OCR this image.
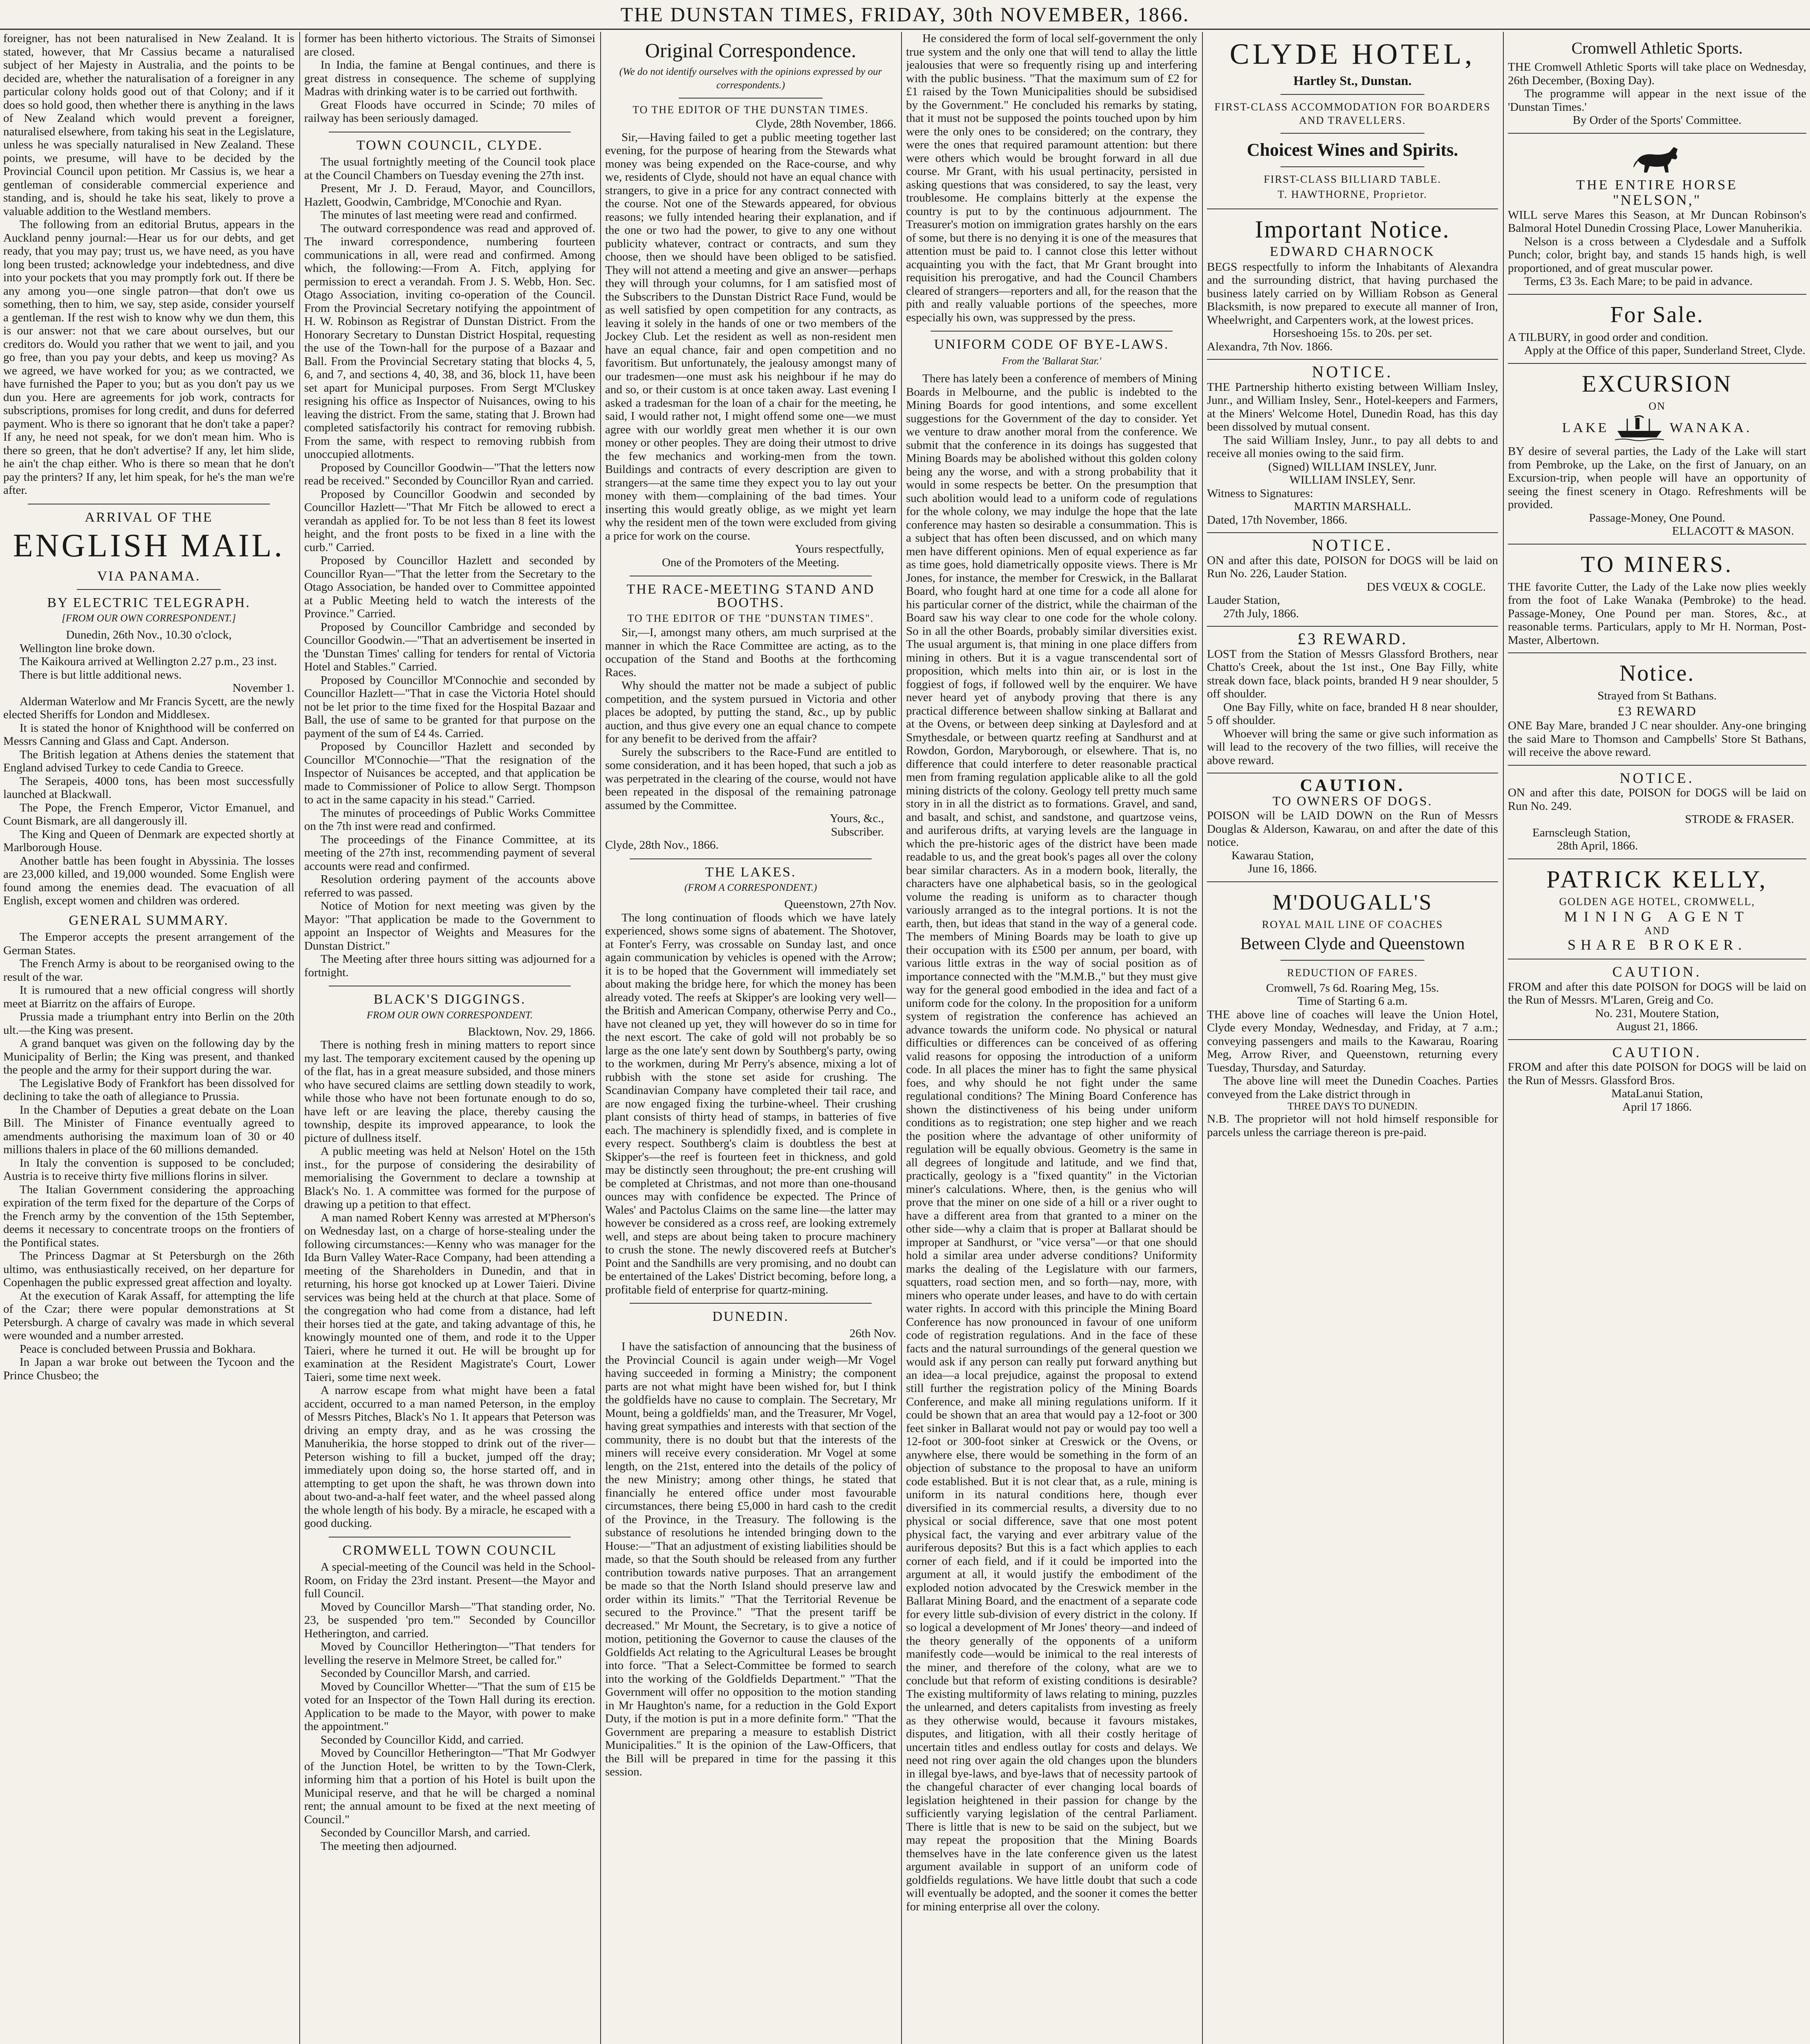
THE DUNSTAN TIMES, FRIDAY, 30th NOVEMBER, 1866.

foreigner, has not been naturalised in New Zealand. It is stated, however, that Mr Cassius became a naturalised subject of her Majesty in Australia, and the points to be decided are, whether the naturalisation of a foreigner in any particular colony holds good out of that Colony; and if it does so hold good, then whether there is anything in the laws of New Zealand which would prevent a foreigner, naturalised elsewhere, from taking his seat in the Legislature, unless he was specially naturalised in New Zealand. These points, we presume, will have to be decided by the Provincial Council upon petition. Mr Cassius is, we hear a gentleman of considerable commercial experience and standing, and is, should he take his seat, likely to prove a valuable addition to the Westland members.

The following from an editorial Brutus, appears in the Auckland penny journal:—Hear us for our debts, and get ready, that you may pay; trust us, we have need, as you have long been trusted; acknowledge your indebtedness, and dive into your pockets that you may promptly fork out. If there be any among you—one single patron—that don't owe us something, then to him, we say, step aside, consider yourself a gentleman. If the rest wish to know why we dun them, this is our answer: not that we care about ourselves, but our creditors do. Would you rather that we went to jail, and you go free, than you pay your debts, and keep us moving? As we agreed, we have worked for you; as we contracted, we have furnished the Paper to you; but as you don't pay us we dun you. Here are agreements for job work, contracts for subscriptions, promises for long credit, and duns for deferred payment. Who is there so ignorant that he don't take a paper? If any, he need not speak, for we don't mean him. Who is there so green, that he don't advertise? If any, let him slide, he ain't the chap either. Who is there so mean that he don't pay the printers? If any, let him speak, for he's the man we're after.

ARRIVAL OF THE
ENGLISH MAIL.
VIA PANAMA.
BY ELECTRIC TELEGRAPH.
[FROM OUR OWN CORRESPONDENT.]

Dunedin, 26th Nov., 10.30 o'clock,

Wellington line broke down.

The Kaikoura arrived at Wellington 2.27 p.m., 23 inst.

There is but little additional news.

November 1.

Alderman Waterlow and Mr Francis Sycett, are the newly elected Sheriffs for London and Middlesex.

It is stated the honor of Knighthood will be conferred on Messrs Canning and Glass and Capt. Anderson.

The British legation at Athens denies the statement that England advised Turkey to cede Candia to Greece.

The Serapeis, 4000 tons, has been most successfully launched at Blackwall.

The Pope, the French Emperor, Victor Emanuel, and Count Bismark, are all dangerously ill.

The King and Queen of Denmark are expected shortly at Marlborough House.

Another battle has been fought in Abyssinia. The losses are 23,000 killed, and 19,000 wounded. Some English were found among the enemies dead. The evacuation of all English, except women and children was ordered.

GENERAL SUMMARY.

The Emperor accepts the present arrangement of the German States.

The French Army is about to be reorganised owing to the result of the war.

It is rumoured that a new official congress will shortly meet at Biarritz on the affairs of Europe.

Prussia made a triumphant entry into Berlin on the 20th ult.—the King was present.

A grand banquet was given on the following day by the Municipality of Berlin; the King was present, and thanked the people and the army for their support during the war.

The Legislative Body of Frankfort has been dissolved for declining to take the oath of allegiance to Prussia.

In the Chamber of Deputies a great debate on the Loan Bill. The Minister of Finance eventually agreed to amendments authorising the maximum loan of 30 or 40 millions thalers in place of the 60 millions demanded.

In Italy the convention is supposed to be concluded; Austria is to receive thirty five millions florins in silver.

The Italian Government considering the approaching expiration of the term fixed for the departure of the Corps of the French army by the convention of the 15th September, deems it necessary to concentrate troops on the frontiers of the Pontifical states.

The Princess Dagmar at St Petersburgh on the 26th ultimo, was enthusiastically received, on her departure for Copenhagen the public expressed great affection and loyalty.

At the execution of Karak Assaff, for attempting the life of the Czar; there were popular demonstrations at St Petersburgh. A charge of cavalry was made in which several were wounded and a number arrested.

Peace is concluded between Prussia and Bokhara.

In Japan a war broke out between the Tycoon and the Prince Chusbeo; the

former has been hitherto victorious. The Straits of Simonsei are closed.

In India, the famine at Bengal continues, and there is great distress in consequence. The scheme of supplying Madras with drinking water is to be carried out forthwith.

Great Floods have occurred in Scinde; 70 miles of railway has been seriously damaged.

TOWN COUNCIL, CLYDE.

The usual fortnightly meeting of the Council took place at the Council Chambers on Tuesday evening the 27th inst.

Present, Mr J. D. Feraud, Mayor, and Councillors, Hazlett, Goodwin, Cambridge, M'Conochie and Ryan.

The minutes of last meeting were read and confirmed.

The outward correspondence was read and approved of. The inward correspondence, numbering fourteen communications in all, were read and confirmed. Among which, the following:—From A. Fitch, applying for permission to erect a verandah. From J. S. Webb, Hon. Sec. Otago Association, inviting co-operation of the Council. From the Provincial Secretary notifying the appointment of H. W. Robinson as Registrar of Dunstan District. From the Honorary Secretary to Dunstan District Hospital, requesting the use of the Town-hall for the purpose of a Bazaar and Ball. From the Provincial Secretary stating that blocks 4, 5, 6, and 7, and sections 4, 40, 38, and 36, block 11, have been set apart for Municipal purposes. From Sergt M'Cluskey resigning his office as Inspector of Nuisances, owing to his leaving the district. From the same, stating that J. Brown had completed satisfactorily his contract for removing rubbish. From the same, with respect to removing rubbish from unoccupied allotments.

Proposed by Councillor Goodwin—"That the letters now read be received." Seconded by Councillor Ryan and carried.

Proposed by Councillor Goodwin and seconded by Councillor Hazlett—"That Mr Fitch be allowed to erect a verandah as applied for. To be not less than 8 feet its lowest height, and the front posts to be fixed in a line with the curb." Carried.

Proposed by Councillor Hazlett and seconded by Councillor Ryan—"That the letter from the Secretary to the Otago Association, be handed over to Committee appointed at a Public Meeting held to watch the interests of the Province." Carried.

Proposed by Councillor Cambridge and seconded by Councillor Goodwin.—"That an advertisement be inserted in the 'Dunstan Times' calling for tenders for rental of Victoria Hotel and Stables." Carried.

Proposed by Councillor M'Connochie and seconded by Councillor Hazlett—"That in case the Victoria Hotel should not be let prior to the time fixed for the Hospital Bazaar and Ball, the use of same to be granted for that purpose on the payment of the sum of £4 4s. Carried.

Proposed by Councillor Hazlett and seconded by Councillor M'Connochie—"That the resignation of the Inspector of Nuisances be accepted, and that application be made to Commissioner of Police to allow Sergt. Thompson to act in the same capacity in his stead." Carried.

The minutes of proceedings of Public Works Committee on the 7th inst were read and confirmed.

The proceedings of the Finance Committee, at its meeting of the 27th inst, recommending payment of several accounts were read and confirmed.

Resolution ordering payment of the accounts above referred to was passed.

Notice of Motion for next meeting was given by the Mayor: "That application be made to the Government to appoint an Inspector of Weights and Measures for the Dunstan District."

The Meeting after three hours sitting was adjourned for a fortnight.

BLACK'S DIGGINGS.
FROM OUR OWN CORRESPONDENT.

Blacktown, Nov. 29, 1866.

There is nothing fresh in mining matters to report since my last. The temporary excitement caused by the opening up of the flat, has in a great measure subsided, and those miners who have secured claims are settling down steadily to work, while those who have not been fortunate enough to do so, have left or are leaving the place, thereby causing the township, despite its improved appearance, to look the picture of dullness itself.

A public meeting was held at Nelson' Hotel on the 15th inst., for the purpose of considering the desirability of memorialising the Government to declare a township at Black's No. 1. A committee was formed for the purpose of drawing up a petition to that effect.

A man named Robert Kenny was arrested at M'Pherson's on Wednesday last, on a charge of horse-stealing under the following circumstances:—Kenny who was manager for the Ida Burn Valley Water-Race Company, had been attending a meeting of the Shareholders in Dunedin, and that in returning, his horse got knocked up at Lower Taieri. Divine services was being held at the church at that place. Some of the congregation who had come from a distance, had left their horses tied at the gate, and taking advantage of this, he knowingly mounted one of them, and rode it to the Upper Taieri, where he turned it out. He will be brought up for examination at the Resident Magistrate's Court, Lower Taieri, some time next week.

A narrow escape from what might have been a fatal accident, occurred to a man named Peterson, in the employ of Messrs Pitches, Black's No 1. It appears that Peterson was driving an empty dray, and as he was crossing the Manuherikia, the horse stopped to drink out of the river—Peterson wishing to fill a bucket, jumped off the dray; immediately upon doing so, the horse started off, and in attempting to get upon the shaft, he was thrown down into about two-and-a-half feet water, and the wheel passed along the whole length of his body. By a miracle, he escaped with a good ducking.

CROMWELL TOWN COUNCIL

A special-meeting of the Council was held in the School-Room, on Friday the 23rd instant. Present—the Mayor and full Council.

Moved by Councillor Marsh—"That standing order, No. 23, be suspended 'pro tem.'" Seconded by Councillor Hetherington, and carried.

Moved by Councillor Hetherington—"That tenders for levelling the reserve in Melmore Street, be called for."

Seconded by Councillor Marsh, and carried.

Moved by Councillor Whetter—"That the sum of £15 be voted for an Inspector of the Town Hall during its erection. Application to be made to the Mayor, with power to make the appointment."

Seconded by Councillor Kidd, and carried.

Moved by Councillor Hetherington—"That Mr Godwyer of the Junction Hotel, be written to by the Town-Clerk, informing him that a portion of his Hotel is built upon the Municipal reserve, and that he will be charged a nominal rent; the annual amount to be fixed at the next meeting of Council."

Seconded by Councillor Marsh, and carried.

The meeting then adjourned.

Original Correspondence.
(We do not identify ourselves with the opinions expressed by our correspondents.)
TO THE EDITOR OF THE DUNSTAN TIMES.

Clyde, 28th November, 1866.

Sir,—Having failed to get a public meeting together last evening, for the purpose of hearing from the Stewards what money was being expended on the Race-course, and why we, residents of Clyde, should not have an equal chance with strangers, to give in a price for any contract connected with the course. Not one of the Stewards appeared, for obvious reasons; we fully intended hearing their explanation, and if the one or two had the power, to give to any one without publicity whatever, contract or contracts, and sum they choose, then we should have been obliged to be satisfied. They will not attend a meeting and give an answer—perhaps they will through your columns, for I am satisfied most of the Subscribers to the Dunstan District Race Fund, would be as well satisfied by open competition for any contracts, as leaving it solely in the hands of one or two members of the Jockey Club. Let the resident as well as non-resident men have an equal chance, fair and open competition and no favoritism. But unfortunately, the jealousy amongst many of our tradesmen—one must ask his neighbour if he may do and so, or their custom is at once taken away. Last evening I asked a tradesman for the loan of a chair for the meeting, he said, I would rather not, I might offend some one—we must agree with our worldly great men whether it is our own money or other peoples. They are doing their utmost to drive the few mechanics and working-men from the town. Buildings and contracts of every description are given to strangers—at the same time they expect you to lay out your money with them—complaining of the bad times. Your inserting this would greatly oblige, as we might yet learn why the resident men of the town were excluded from giving a price for work on the course.

Yours respectfully,

One of the Promoters of the Meeting.

THE RACE-MEETING STAND AND BOOTHS.
TO THE EDITOR OF THE "DUNSTAN TIMES".

Sir,—I, amongst many others, am much surprised at the manner in which the Race Committee are acting, as to the occupation of the Stand and Booths at the forthcoming Races.

Why should the matter not be made a subject of public competition, and the system pursued in Victoria and other places be adopted, by putting the stand, &c., up by public auction, and thus give every one an equal chance to compete for any benefit to be derived from the affair?

Surely the subscribers to the Race-Fund are entitled to some consideration, and it has been hoped, that such a job as was perpetrated in the clearing of the course, would not have been repeated in the disposal of the remaining patronage assumed by the Committee.

Yours, &c.,

Subscriber.

Clyde, 28th Nov., 1866.

THE LAKES.
(FROM A CORRESPONDENT.)

Queenstown, 27th Nov.

The long continuation of floods which we have lately experienced, shows some signs of abatement. The Shotover, at Fonter's Ferry, was crossable on Sunday last, and once again communication by vehicles is opened with the Arrow; it is to be hoped that the Government will immediately set about making the bridge here, for which the money has been already voted. The reefs at Skipper's are looking very well—the British and American Company, otherwise Perry and Co., have not cleaned up yet, they will however do so in time for the next escort. The cake of gold will not probably be so large as the one late'y sent down by Southberg's party, owing to the workmen, during Mr Perry's absence, mixing a lot of rubbish with the stone set aside for crushing. The Scandinavian Company have completed their tail race, and are now engaged fixing the turbine-wheel. Their crushing plant consists of thirty head of stamps, in batteries of five each. The machinery is splendidly fixed, and is complete in every respect. Southberg's claim is doubtless the best at Skipper's—the reef is fourteen feet in thickness, and gold may be distinctly seen throughout; the pre-ent crushing will be completed at Christmas, and not more than one-thousand ounces may with confidence be expected. The Prince of Wales' and Pactolus Claims on the same line—the latter may however be considered as a cross reef, are looking extremely well, and steps are about being taken to procure machinery to crush the stone. The newly discovered reefs at Butcher's Point and the Sandhills are very promising, and no doubt can be entertained of the Lakes' District becoming, before long, a profitable field of enterprise for quartz-mining.

DUNEDIN.

26th Nov.

I have the satisfaction of announcing that the business of the Provincial Council is again under weigh—Mr Vogel having succeeded in forming a Ministry; the component parts are not what might have been wished for, but I think the goldfields have no cause to complain. The Secretary, Mr Mount, being a goldfields' man, and the Treasurer, Mr Vogel, having great sympathies and interests with that section of the community, there is no doubt but that the interests of the miners will receive every consideration. Mr Vogel at some length, on the 21st, entered into the details of the policy of the new Ministry; among other things, he stated that financially he entered office under most favourable circumstances, there being £5,000 in hard cash to the credit of the Province, in the Treasury. The following is the substance of resolutions he intended bringing down to the House:—"That an adjustment of existing liabilities should be made, so that the South should be released from any further contribution towards native purposes. That an arrangement be made so that the North Island should preserve law and order within its limits." "That the Territorial Revenue be secured to the Province." "That the present tariff be decreased." Mr Mount, the Secretary, is to give a notice of motion, petitioning the Governor to cause the clauses of the Goldfields Act relating to the Agricultural Leases be brought into force. "That a Select-Committee be formed to search into the working of the Goldfields Department." "That the Government will offer no opposition to the motion standing in Mr Haughton's name, for a reduction in the Gold Export Duty, if the motion is put in a more definite form." "That the Government are preparing a measure to establish District Municipalities." It is the opinion of the Law-Officers, that the Bill will be prepared in time for the passing it this session.

He considered the form of local self-government the only true system and the only one that will tend to allay the little jealousies that were so frequently rising up and interfering with the public business. "That the maximum sum of £2 for £1 raised by the Town Municipalities should be subsidised by the Government." He concluded his remarks by stating, that it must not be supposed the points touched upon by him were the only ones to be considered; on the contrary, they were the ones that required paramount attention: but there were others which would be brought forward in all due course. Mr Grant, with his usual pertinacity, persisted in asking questions that was considered, to say the least, very troublesome. He complains bitterly at the expense the country is put to by the continuous adjournment. The Treasurer's motion on immigration grates harshly on the ears of some, but there is no denying it is one of the measures that attention must be paid to. I cannot close this letter without acquainting you with the fact, that Mr Grant brought into requisition his prerogative, and had the Council Chambers cleared of strangers—reporters and all, for the reason that the pith and really valuable portions of the speeches, more especially his own, was suppressed by the press.

UNIFORM CODE OF BYE-LAWS.
From the 'Ballarat Star.'

There has lately been a conference of members of Mining Boards in Melbourne, and the public is indebted to the Mining Boards for good intentions, and some excellent suggestions for the Government of the day to consider. Yet we venture to draw another moral from the conference. We submit that the conference in its doings has suggested that Mining Boards may be abolished without this golden colony being any the worse, and with a strong probability that it would in some respects be better. On the presumption that such abolition would lead to a uniform code of regulations for the whole colony, we may indulge the hope that the late conference may hasten so desirable a consummation. This is a subject that has often been discussed, and on which many men have different opinions. Men of equal experience as far as time goes, hold diametrically opposite views. There is Mr Jones, for instance, the member for Creswick, in the Ballarat Board, who fought hard at one time for a code all alone for his particular corner of the district, while the chairman of the Board saw his way clear to one code for the whole colony. So in all the other Boards, probably similar diversities exist. The usual argument is, that mining in one place differs from mining in others. But it is a vague transcendental sort of proposition, which melts into thin air, or is lost in the foggiest of fogs, if followed well by the enquirer. We have never heard yet of anybody proving that there is any practical difference between shallow sinking at Ballarat and at the Ovens, or between deep sinking at Daylesford and at Smythesdale, or between quartz reefing at Sandhurst and at Rowdon, Gordon, Maryborough, or elsewhere. That is, no difference that could interfere to deter reasonable practical men from framing regulation applicable alike to all the gold mining districts of the colony. Geology tell pretty much same story in in all the district as to formations. Gravel, and sand, and basalt, and schist, and sandstone, and quartzose veins, and auriferous drifts, at varying levels are the language in which the pre-historic ages of the district have been made readable to us, and the great book's pages all over the colony bear similar characters. As in a modern book, literally, the characters have one alphabetical basis, so in the geological volume the reading is uniform as to character though variously arranged as to the integral portions. It is not the earth, then, but ideas that stand in the way of a general code. The members of Mining Boards may be loath to give up their occupation with its £500 per annum, per board, with various little extras in the way of social position as of importance connected with the "M.M.B.," but they must give way for the general good embodied in the idea and fact of a uniform code for the colony. In the proposition for a uniform system of registration the conference has achieved an advance towards the uniform code. No physical or natural difficulties or differences can be conceived of as offering valid reasons for opposing the introduction of a uniform code. In all places the miner has to fight the same physical foes, and why should he not fight under the same regulational conditions? The Mining Board Conference has shown the distinctiveness of his being under uniform conditions as to registration; one step higher and we reach the position where the advantage of other uniformity of regulation will be equally obvious. Geometry is the same in all degrees of longitude and latitude, and we find that, practically, geology is a "fixed quantity" in the Victorian miner's calculations. Where, then, is the genius who will prove that the miner on one side of a hill or a river ought to have a different area from that granted to a miner on the other side—why a claim that is proper at Ballarat should be improper at Sandhurst, or "vice versa"—or that one should hold a similar area under adverse conditions? Uniformity marks the dealing of the Legislature with our farmers, squatters, road section men, and so forth—nay, more, with miners who operate under leases, and have to do with certain water rights. In accord with this principle the Mining Board Conference has now pronounced in favour of one uniform code of registration regulations. And in the face of these facts and the natural surroundings of the general question we would ask if any person can really put forward anything but an idea—a local prejudice, against the proposal to extend still further the registration policy of the Mining Boards Conference, and make all mining regulations uniform. If it could be shown that an area that would pay a 12-foot or 300 feet sinker in Ballarat would not pay or would pay too well a 12-foot or 300-foot sinker at Creswick or the Ovens, or anywhere else, there would be something in the form of an objection of substance to the proposal to have an uniform code established. But it is not clear that, as a rule, mining is uniform in its natural conditions here, though ever diversified in its commercial results, a diversity due to no physical or social difference, save that one most potent physical fact, the varying and ever arbitrary value of the auriferous deposits? But this is a fact which applies to each corner of each field, and if it could be imported into the argument at all, it would justify the embodiment of the exploded notion advocated by the Creswick member in the Ballarat Mining Board, and the enactment of a separate code for every little sub-division of every district in the colony. If so logical a development of Mr Jones' theory—and indeed of the theory generally of the opponents of a uniform manifestly code—would be inimical to the real interests of the miner, and therefore of the colony, what are we to conclude but that reform of existing conditions is desirable? The existing multiformity of laws relating to mining, puzzles the unlearned, and deters capitalists from investing as freely as they otherwise would, because it favours mistakes, disputes, and litigation, with all their costly heritage of uncertain titles and endless outlay for costs and delays. We need not ring over again the old changes upon the blunders in illegal bye-laws, and bye-laws that of necessity partook of the changeful character of ever changing local boards of legislation heightened in their passion for change by the sufficiently varying legislation of the central Parliament. There is little that is new to be said on the subject, but we may repeat the proposition that the Mining Boards themselves have in the late conference given us the latest argument available in support of an uniform code of goldfields regulations. We have little doubt that such a code will eventually be adopted, and the sooner it comes the better for mining enterprise all over the colony.

CLYDE HOTEL,
Hartley St., Dunstan.
FIRST-CLASS ACCOMMODATION FOR BOARDERS AND TRAVELLERS.
Choicest Wines and Spirits.
FIRST-CLASS BILLIARD TABLE.
T. HAWTHORNE, Proprietor.
Important Notice.
EDWARD CHARNOCK

BEGS respectfully to inform the Inhabitants of Alexandra and the surrounding district, that having purchased the business lately carried on by William Robson as General Blacksmith, is now prepared to execute all manner of Iron, Wheelwright, and Carpenters work, at the lowest prices.

Horseshoeing 15s. to 20s. per set.

Alexandra, 7th Nov. 1866.

NOTICE.

THE Partnership hitherto existing between William Insley, Junr., and William Insley, Senr., Hotel-keepers and Farmers, at the Miners' Welcome Hotel, Dunedin Road, has this day been dissolved by mutual consent.

The said William Insley, Junr., to pay all debts to and receive all monies owing to the said firm.

(Signed) WILLIAM INSLEY, Junr.

WILLIAM INSLEY, Senr.

Witness to Signatures:

MARTIN MARSHALL.

Dated, 17th November, 1866.

NOTICE.

ON and after this date, POISON for DOGS will be laid on Run No. 226, Lauder Station.

DES VŒUX & COGLE.

Lauder Station,

27th July, 1866.

£3 REWARD.

LOST from the Station of Messrs Glassford Brothers, near Chatto's Creek, about the 1st inst., One Bay Filly, white streak down face, black points, branded H 9 near shoulder, 5 off shoulder.

One Bay Filly, white on face, branded H 8 near shoulder, 5 off shoulder.

Whoever will bring the same or give such information as will lead to the recovery of the two fillies, will receive the above reward.

CAUTION.
TO OWNERS OF DOGS.

POISON will be LAID DOWN on the Run of Messrs Douglas & Alderson, Kawarau, on and after the date of this notice.

Kawarau Station,

June 16, 1866.

M'DOUGALL'S
ROYAL MAIL LINE OF COACHES
Between Clyde and Queenstown
REDUCTION OF FARES.

Cromwell, 7s 6d. Roaring Meg, 15s.

Time of Starting 6 a.m.

THE above line of coaches will leave the Union Hotel, Clyde every Monday, Wednesday, and Friday, at 7 a.m.; conveying passengers and mails to the Kawarau, Roaring Meg, Arrow River, and Queenstown, returning every Tuesday, Thursday, and Saturday.

The above line will meet the Dunedin Coaches. Parties conveyed from the Lake district through in

THREE DAYS TO DUNEDIN.

N.B. The proprietor will not hold himself responsible for parcels unless the carriage thereon is pre-paid.

Cromwell Athletic Sports.

THE Cromwell Athletic Sports will take place on Wednesday, 26th December, (Boxing Day).

The programme will appear in the next issue of the 'Dunstan Times.'

By Order of the Sports' Committee.

THE ENTIRE HORSE
"NELSON,"

WILL serve Mares this Season, at Mr Duncan Robinson's Balmoral Hotel Dunedin Crossing Place, Lower Manuherikia.

Nelson is a cross between a Clydesdale and a Suffolk Punch; color, bright bay, and stands 15 hands high, is well proportioned, and of great muscular power.

Terms, £3 3s. Each Mare; to be paid in advance.

For Sale.

A TILBURY, in good order and condition.

Apply at the Office of this paper, Sunderland Street, Clyde.

EXCURSION
ON
LAKE	WANAKA.

BY desire of several parties, the Lady of the Lake will start from Pembroke, up the Lake, on the first of January, on an Excursion-trip, when people will have an opportunity of seeing the finest scenery in Otago. Refreshments will be provided.

Passage-Money, One Pound.

ELLACOTT & MASON.

TO MINERS.

THE favorite Cutter, the Lady of the Lake now plies weekly from the foot of Lake Wanaka (Pembroke) to the head. Passage-Money, One Pound per man. Stores, &c., at reasonable terms. Particulars, apply to Mr H. Norman, Post-Master, Albertown.

Notice.

Strayed from St Bathans.

£3 REWARD

ONE Bay Mare, branded J C near shoulder. Any-one bringing the said Mare to Thomson and Campbells' Store St Bathans, will receive the above reward.

NOTICE.

ON and after this date, POISON for DOGS will be laid on Run No. 249.

STRODE & FRASER.

Earnscleugh Station,

28th April, 1866.

PATRICK KELLY,
GOLDEN AGE HOTEL, CROMWELL,
MINING AGENT
AND
SHARE BROKER.
CAUTION.

FROM and after this date POISON for DOGS will be laid on the Run of Messrs. M'Laren, Greig and Co.

No. 231, Moutere Station,

August 21, 1866.

CAUTION.

FROM and after this date POISON for DOGS will be laid on the Run of Messrs. Glassford Bros.

MataLanui Station,

April 17 1866.
